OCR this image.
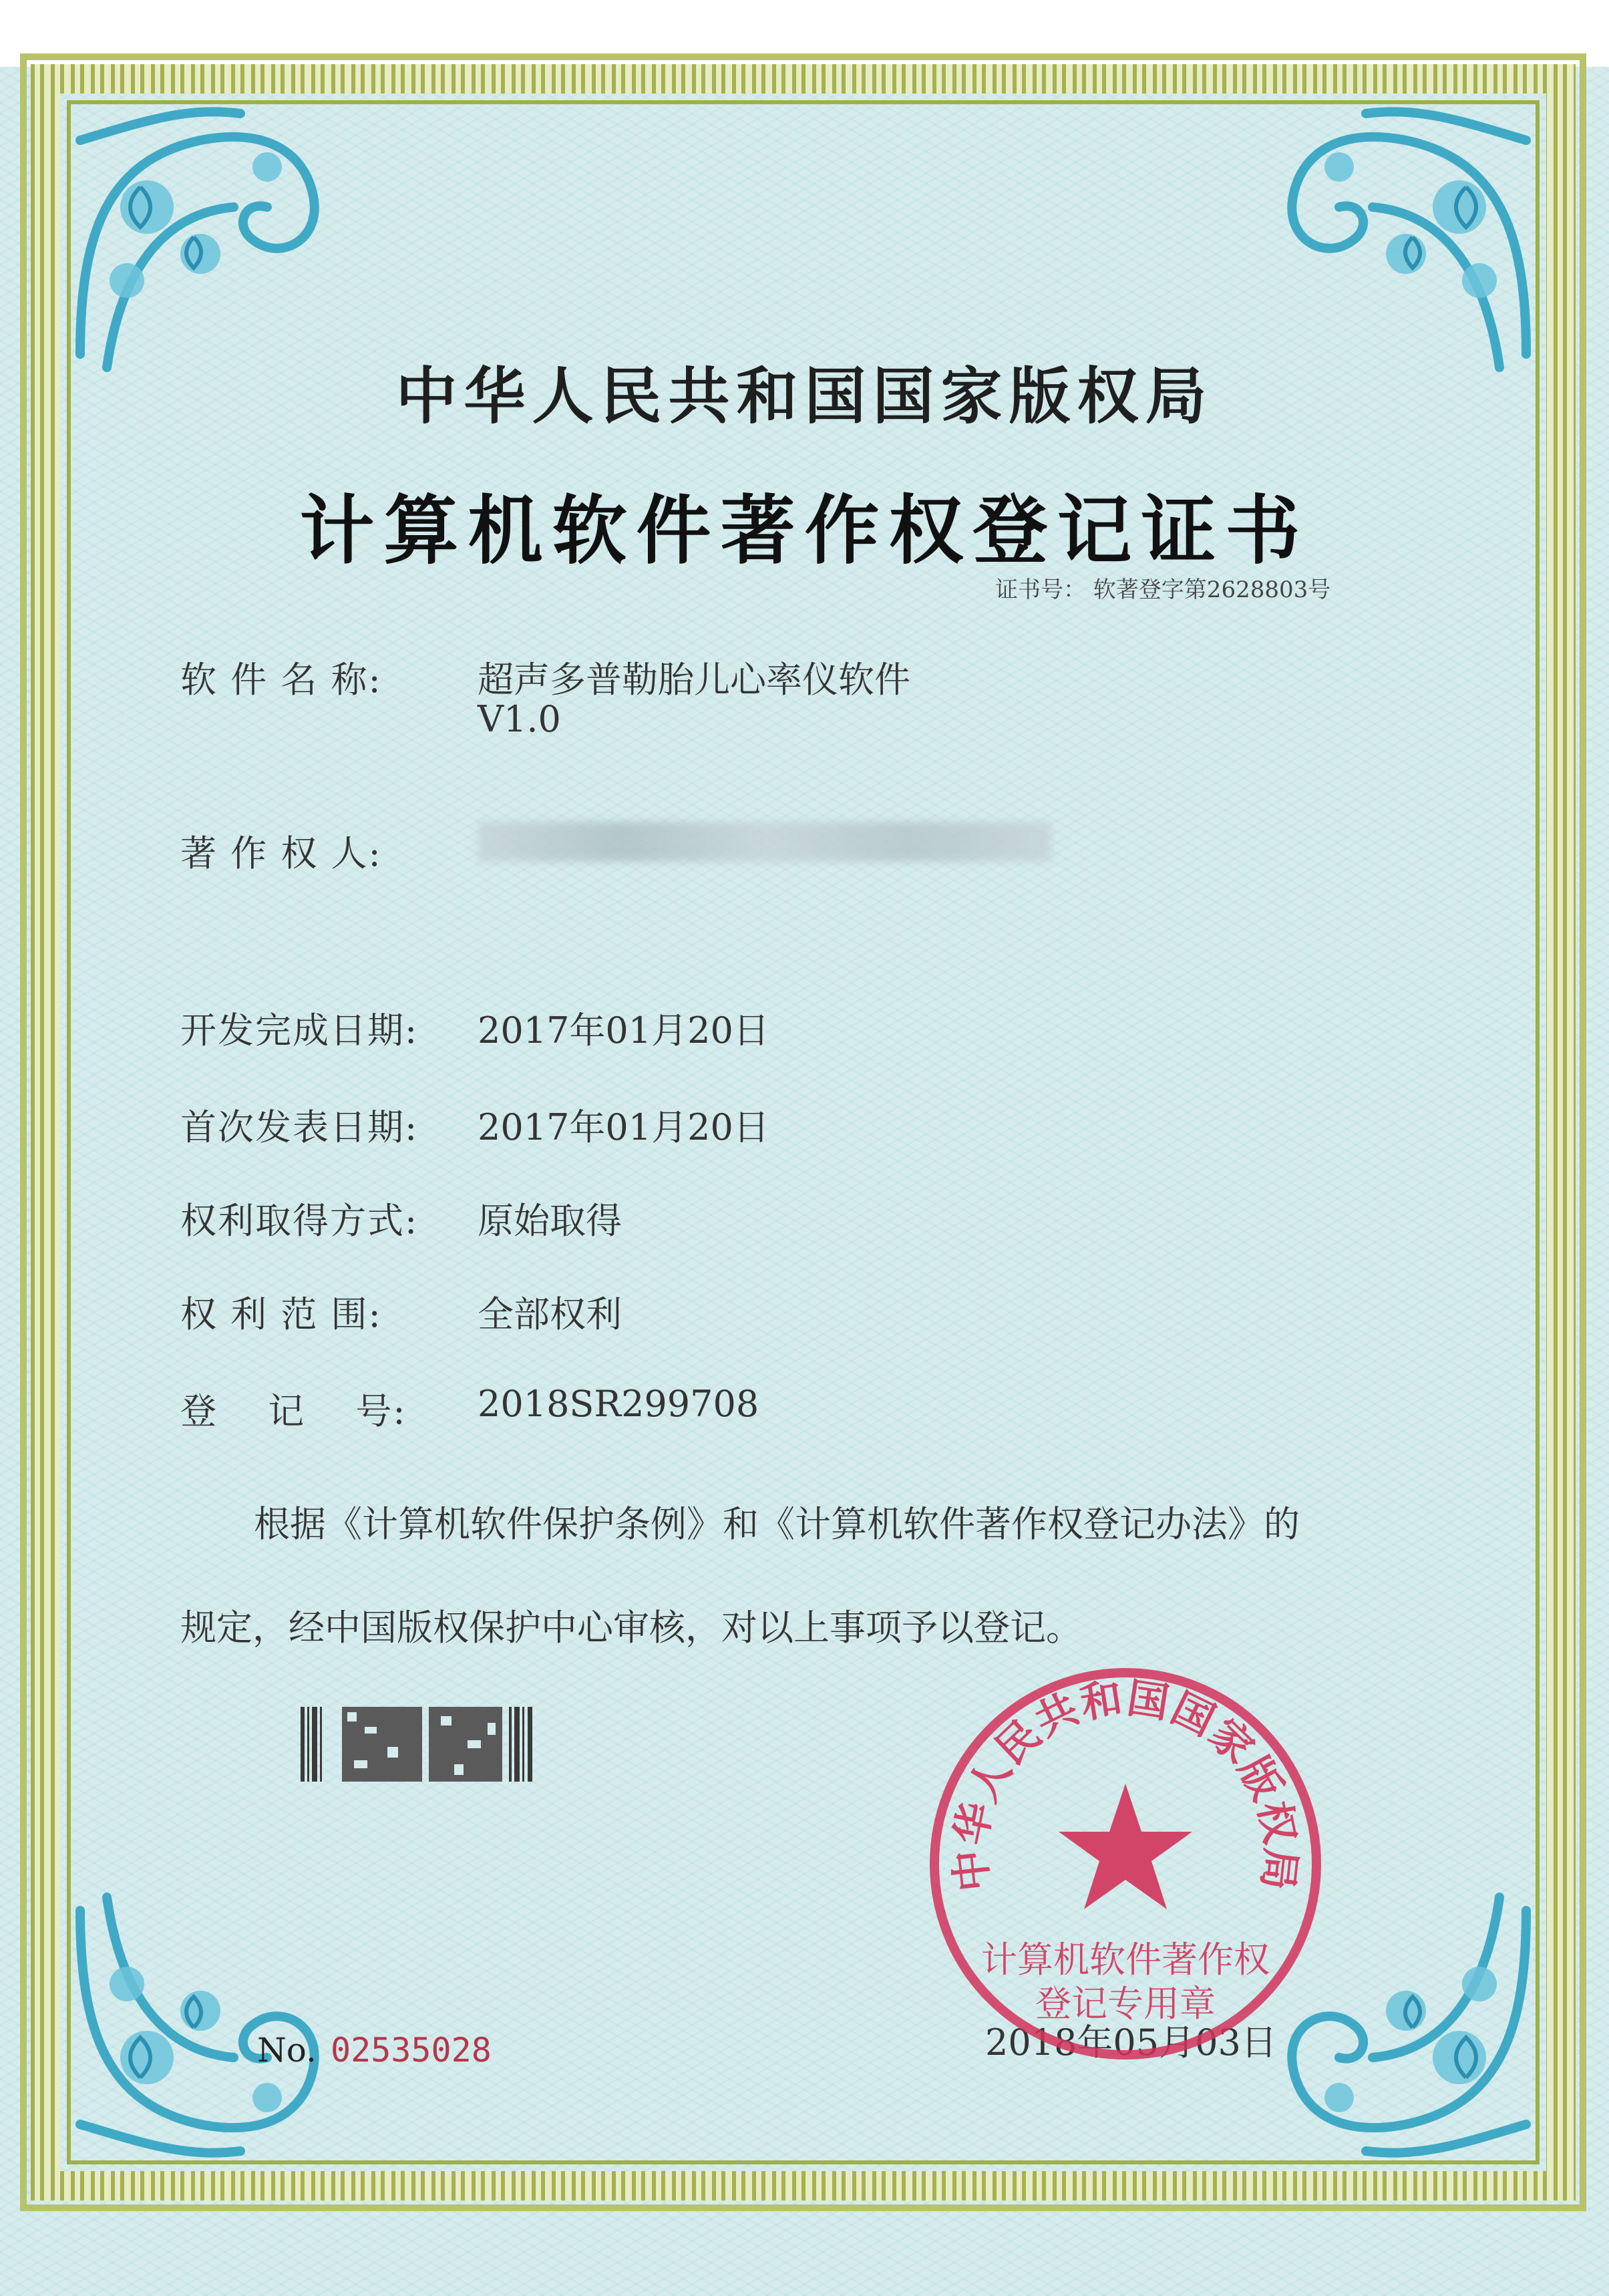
中华人民共和国国家版权局
计算机软件著作权登记证书
证书号： 软著登字第2628803号
软 件 名 称:	超声多普勒胎儿心率仪软件
V1.0
著 作 权 人:
开发完成日期: 2017年01月20日
首次发表日期: 2017年01月20日
权利取得方式: 原始取得
权 利 范 围:	全部权利
登　 记 　号: 2018SR299708
根据《计算机软件保护条例》和《计算机软件著作权登记办法》的
规定，经中国版权保护中心审核，对以上事项予以登记。
No. 02535028	2018年05月03日
中华人民共和国国家版权局
计算机软件著作权
登记专用章
